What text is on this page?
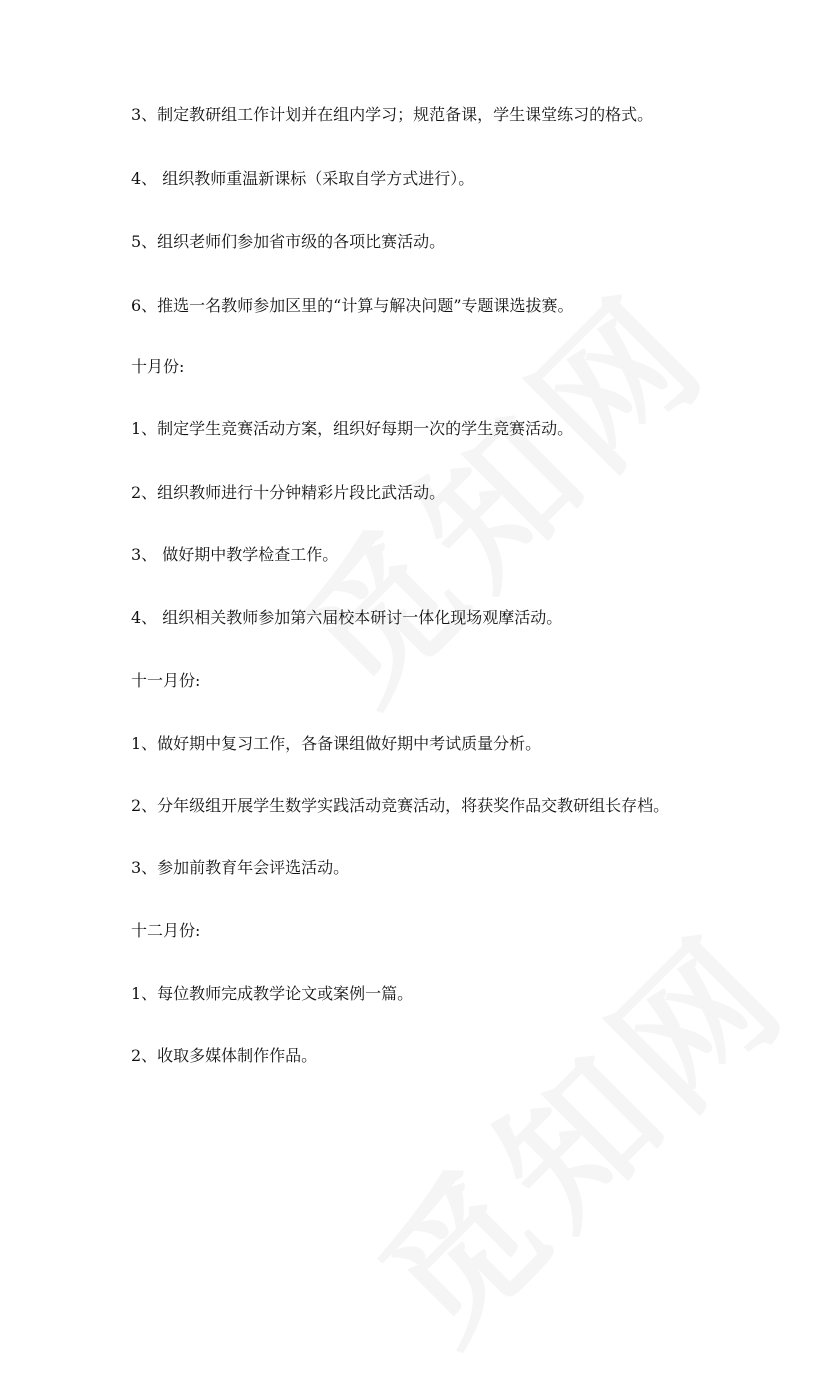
3、制定教研组工作计划并在组内学习；规范备课，学生课堂练习的格式。

4、 组织教师重温新课标（采取自学方式进行）。

5、组织老师们参加省市级的各项比赛活动。

6、推选一名教师参加区里的“计算与解决问题”专题课选拔赛。

十月份:

1、制定学生竞赛活动方案，组织好每期一次的学生竞赛活动。

2、组织教师进行十分钟精彩片段比武活动。

3、 做好期中教学检查工作。

4、 组织相关教师参加第六届校本研讨一体化现场观摩活动。

十一月份:

1、做好期中复习工作，各备课组做好期中考试质量分析。

2、分年级组开展学生数学实践活动竞赛活动，将获奖作品交教研组长存档。

3、参加前教育年会评选活动。

十二月份:

1、每位教师完成教学论文或案例一篇。

2、收取多媒体制作作品。
